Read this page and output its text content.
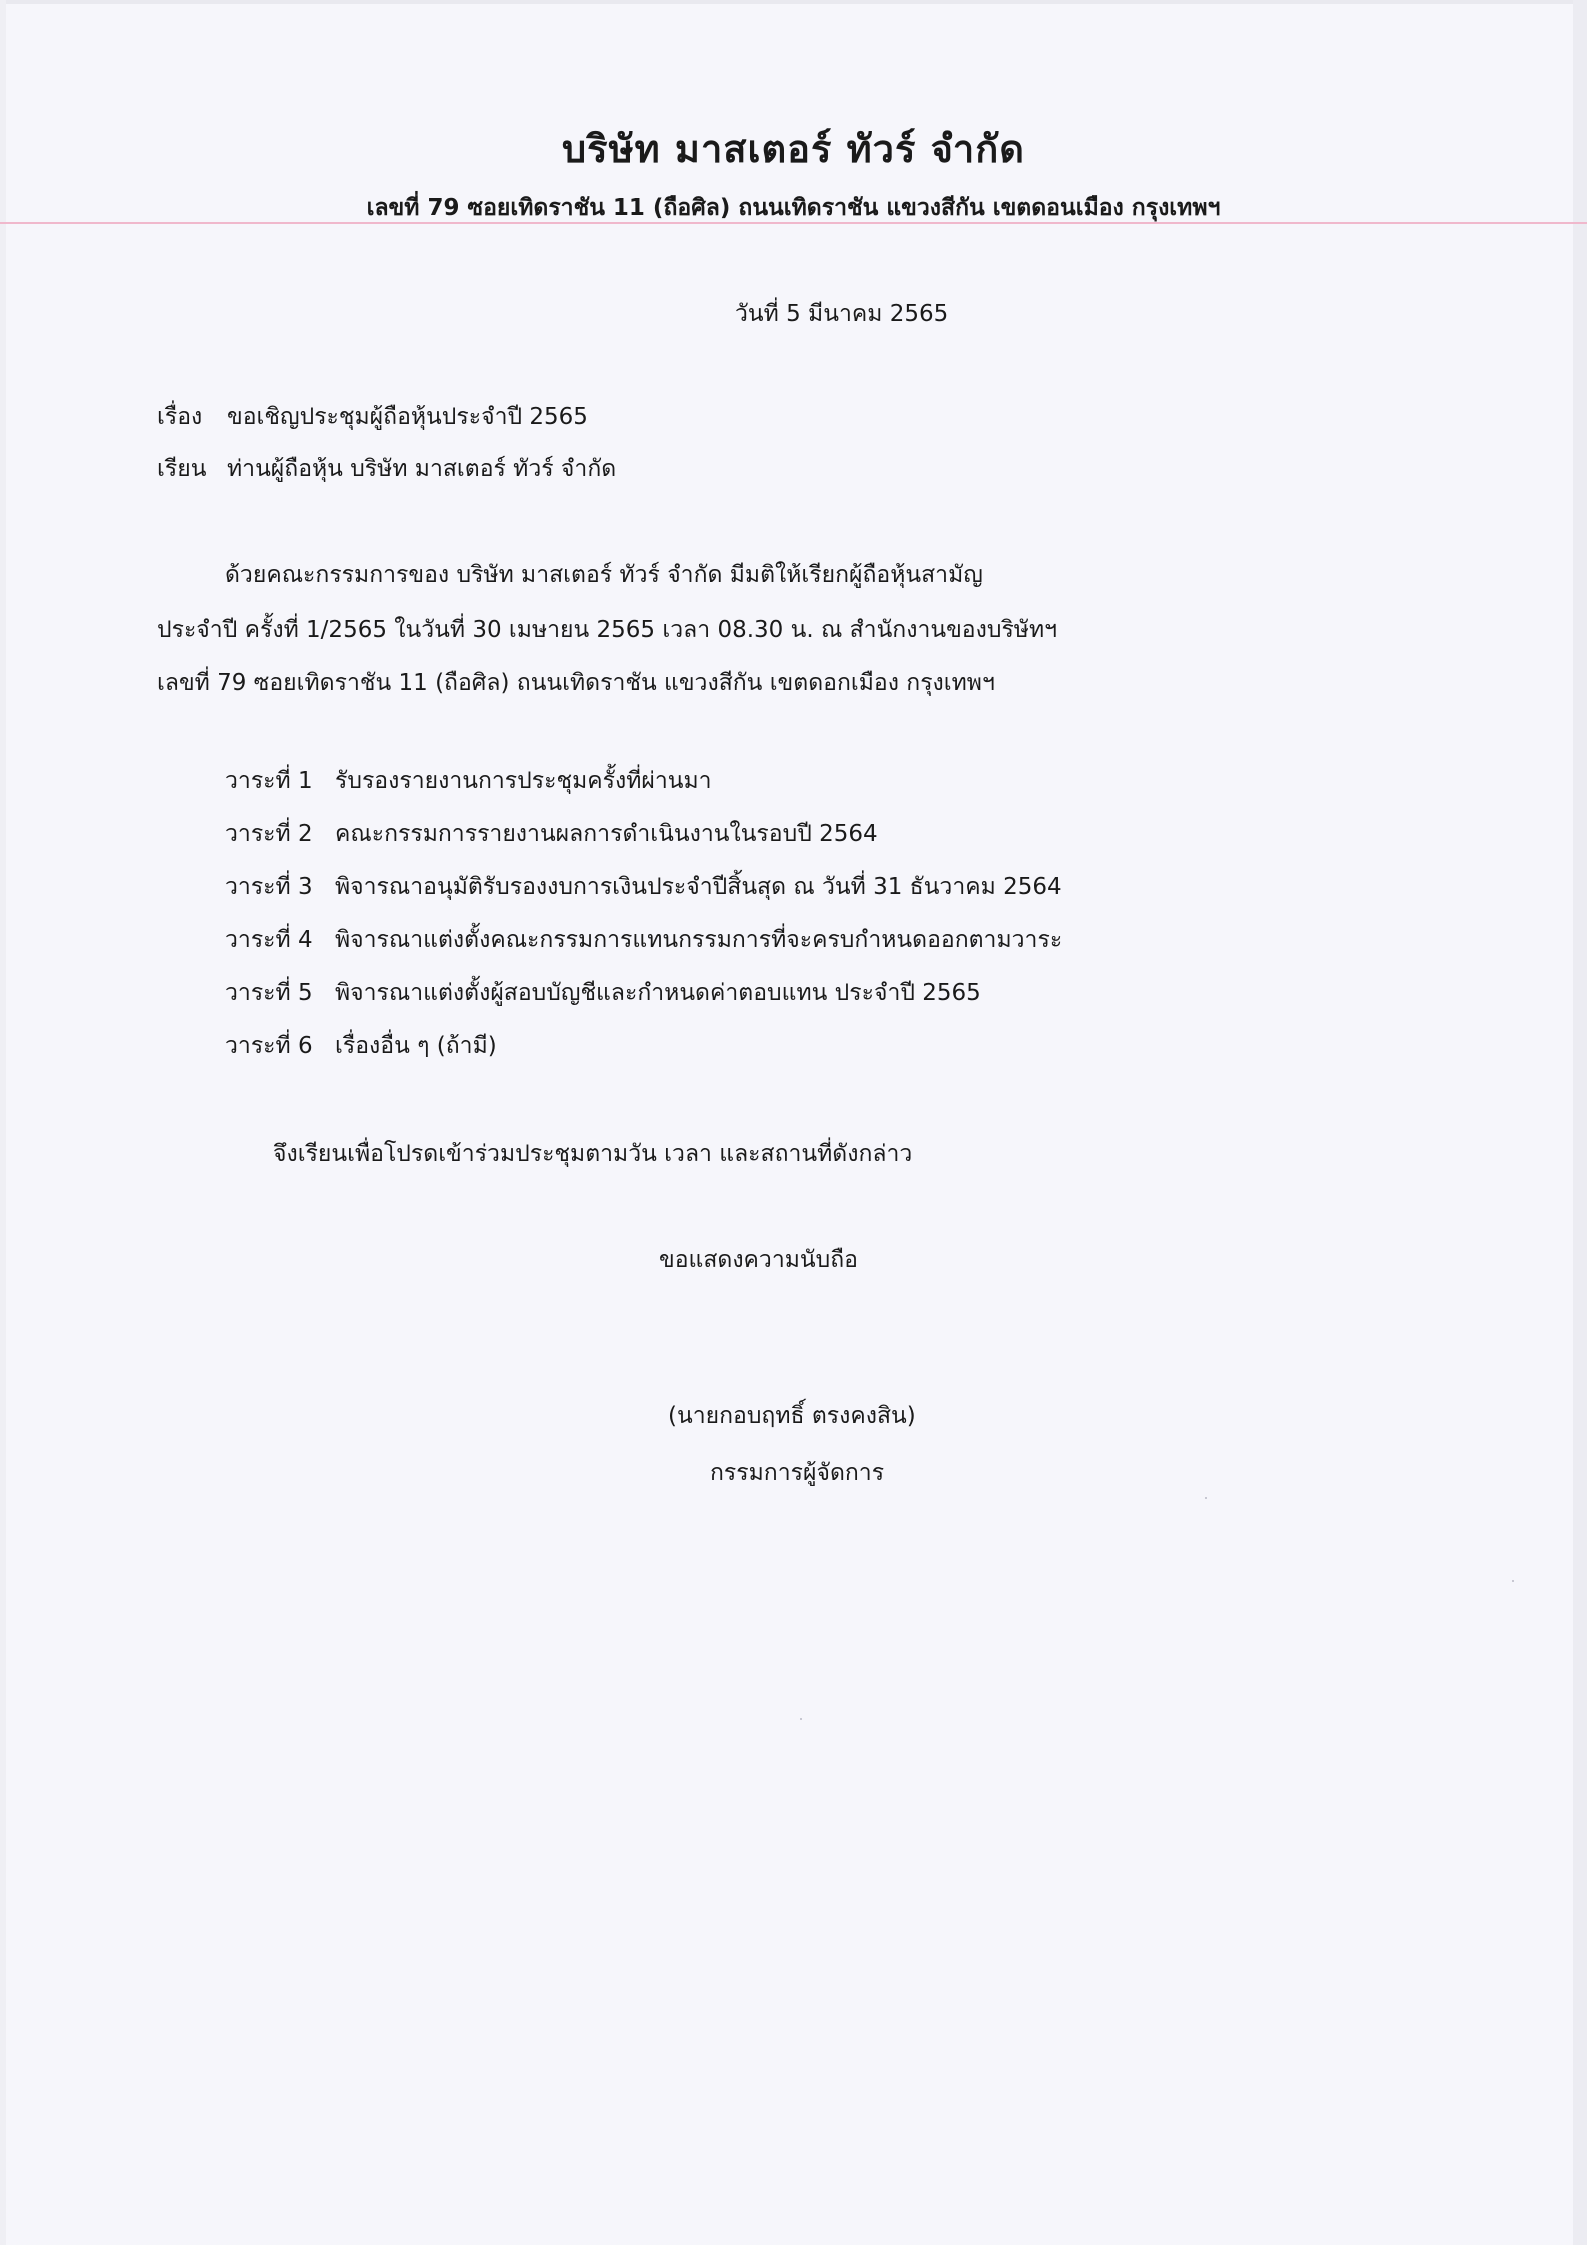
บริษัท มาสเตอร์ ทัวร์ จำกัด
เลขที่ 79 ซอยเทิดราชัน 11 (ถือศิล) ถนนเทิดราชัน แขวงสีกัน เขตดอนเมือง กรุงเทพฯ
วันที่ 5 มีนาคม 2565
เรื่อง ขอเชิญประชุมผู้ถือหุ้นประจำปี 2565
เรียน ท่านผู้ถือหุ้น บริษัท มาสเตอร์ ทัวร์ จำกัด
ด้วยคณะกรรมการของ บริษัท มาสเตอร์ ทัวร์ จำกัด มีมติให้เรียกผู้ถือหุ้นสามัญ
ประจำปี ครั้งที่ 1/2565 ในวันที่ 30 เมษายน 2565 เวลา 08.30 น. ณ สำนักงานของบริษัทฯ
เลขที่ 79 ซอยเทิดราชัน 11 (ถือศิล) ถนนเทิดราชัน แขวงสีกัน เขตดอกเมือง กรุงเทพฯ
วาระที่ 1 รับรองรายงานการประชุมครั้งที่ผ่านมา
วาระที่ 2 คณะกรรมการรายงานผลการดำเนินงานในรอบปี 2564
วาระที่ 3 พิจารณาอนุมัติรับรองงบการเงินประจำปีสิ้นสุด ณ วันที่ 31 ธันวาคม 2564
วาระที่ 4 พิจารณาแต่งตั้งคณะกรรมการแทนกรรมการที่จะครบกำหนดออกตามวาระ
วาระที่ 5 พิจารณาแต่งตั้งผู้สอบบัญชีและกำหนดค่าตอบแทน ประจำปี 2565
วาระที่ 6 เรื่องอื่น ๆ (ถ้ามี)
จึงเรียนเพื่อโปรดเข้าร่วมประชุมตามวัน เวลา และสถานที่ดังกล่าว
ขอแสดงความนับถือ
(นายกอบฤทธิ์ ตรงคงสิน)
กรรมการผู้จัดการ
